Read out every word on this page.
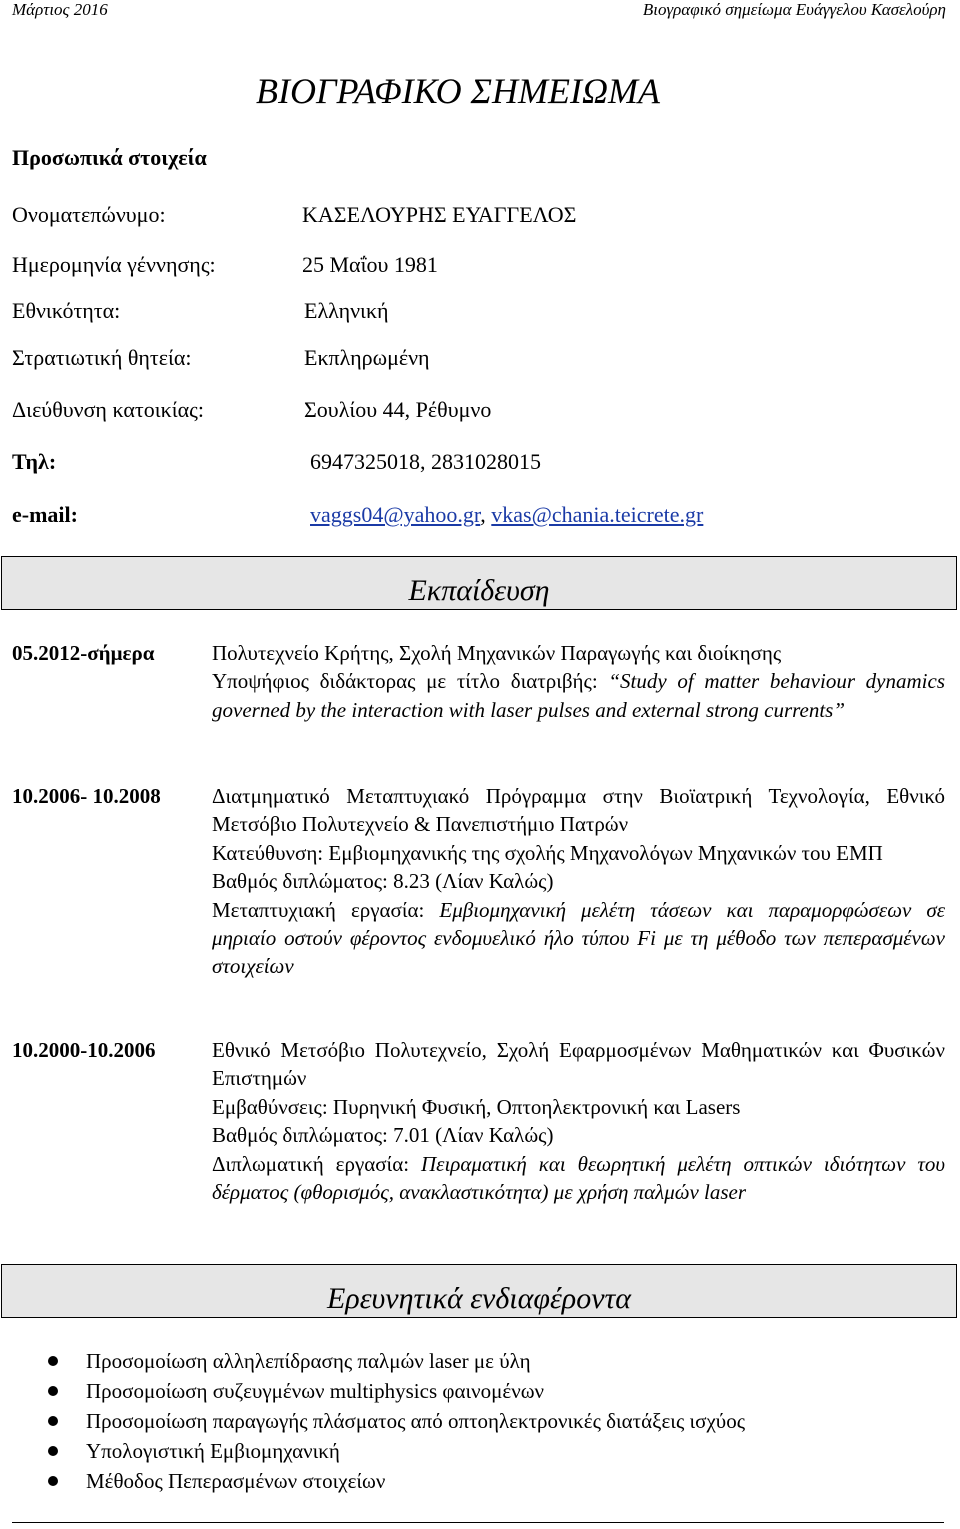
Μάρτιος 2016	Βιογραφικό σημείωμα Ευάγγελου Κασελούρη
ΒΙΟΓΡΑΦΙΚΟ ΣΗΜΕΙΩΜΑ
Προσωπικά στοιχεία
Ονοματεπώνυμο:	ΚΑΣΕΛΟΥΡΗΣ ΕΥΑΓΓΕΛΟΣ
Ημερομηνία γέννησης:	25 Μαΐου 1981
Εθνικότητα:	Ελληνική
Στρατιωτική θητεία:	Εκπληρωμένη
Διεύθυνση κατοικίας:	Σουλίου 44, Ρέθυμνο
Τηλ:	6947325018, 2831028015
e-mail:	vaggs04@yahoo.gr, vkas@chania.teicrete.gr
Εκπαίδευση
05.2012-σήμερα	Πολυτεχνείο Κρήτης, Σχολή Μηχανικών Παραγωγής και διοίκησης
Υποψήφιος διδάκτορας με τίτλο διατριβής: “Study of matter behaviour dynamics governed by the interaction with laser pulses and external strong currents”
10.2006- 10.2008 Διατμηματικό Μεταπτυχιακό Πρόγραμμα στην Βιοϊατρική Τεχνολογία, Εθνικό Μετσόβιο Πολυτεχνείο & Πανεπιστήμιο Πατρών
Κατεύθυνση: Εμβιομηχανικής της σχολής Μηχανολόγων Μηχανικών του ΕΜΠ
Βαθμός διπλώματος: 8.23 (Λίαν Καλώς)
Μεταπτυχιακή εργασία: Εμβιομηχανική μελέτη τάσεων και παραμορφώσεων σε μηριαίο οστούν φέροντος ενδομυελικό ήλο τύπου Fi με τη μέθοδο των πεπερασμένων στοιχείων
10.2000-10.2006	Εθνικό Μετσόβιο Πολυτεχνείο, Σχολή Εφαρμοσμένων Μαθηματικών και Φυσικών Επιστημών
Εμβαθύνσεις: Πυρηνική Φυσική, Οπτοηλεκτρονική και Lasers
Βαθμός διπλώματος: 7.01 (Λίαν Καλώς)
Διπλωματική εργασία: Πειραματική και θεωρητική μελέτη οπτικών ιδιότητων του δέρματος (φθορισμός, ανακλαστικότητα) με χρήση παλμών laser
Ερευνητικά ενδιαφέροντα
Προσομοίωση αλληλεπίδρασης παλμών laser με ύλη
Προσομοίωση συζευγμένων multiphysics φαινομένων
Προσομοίωση παραγωγής πλάσματος από οπτοηλεκτρονικές διατάξεις ισχύος
Υπολογιστική Εμβιομηχανική
Μέθοδος Πεπερασμένων στοιχείων
